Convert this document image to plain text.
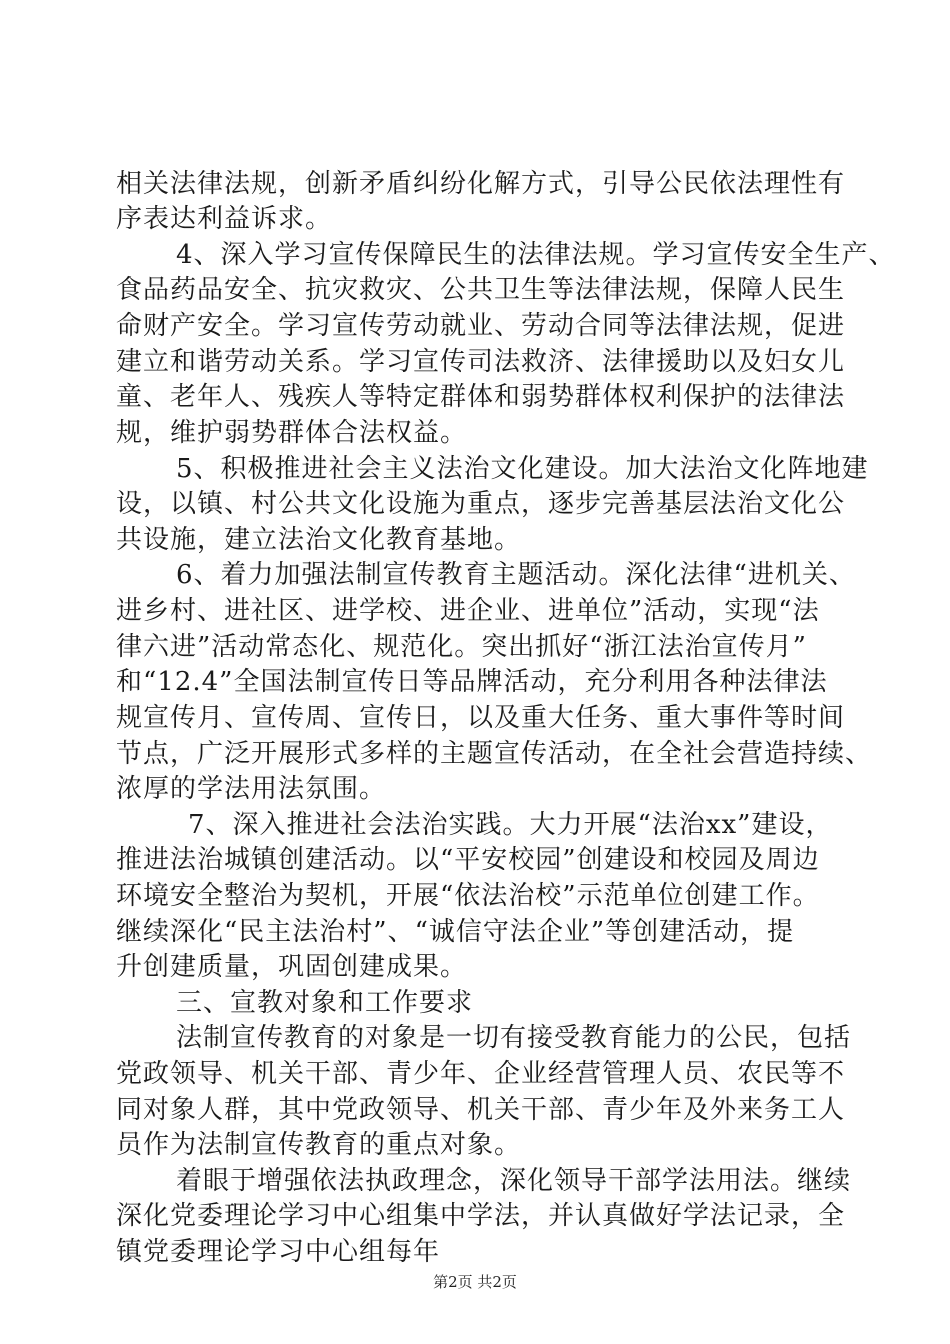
相关法律法规，创新矛盾纠纷化解方式，引导公民依法理性有
序表达利益诉求。
4、深入学习宣传保障民生的法律法规。学习宣传安全生产、
食品药品安全、抗灾救灾、公共卫生等法律法规，保障人民生
命财产安全。学习宣传劳动就业、劳动合同等法律法规，促进
建立和谐劳动关系。学习宣传司法救济、法律援助以及妇女儿
童、老年人、残疾人等特定群体和弱势群体权利保护的法律法
规，维护弱势群体合法权益。
5、积极推进社会主义法治文化建设。加大法治文化阵地建
设，以镇、村公共文化设施为重点，逐步完善基层法治文化公
共设施，建立法治文化教育基地。
6、着力加强法制宣传教育主题活动。深化法律“进机关、
进乡村、进社区、进学校、进企业、进单位”活动，实现“法
律六进”活动常态化、规范化。突出抓好“浙江法治宣传月”
和“12.4”全国法制宣传日等品牌活动，充分利用各种法律法
规宣传月、宣传周、宣传日，以及重大任务、重大事件等时间
节点，广泛开展形式多样的主题宣传活动，在全社会营造持续、
浓厚的学法用法氛围。
7、深入推进社会法治实践。大力开展“法治xx”建设，
推进法治城镇创建活动。以“平安校园”创建设和校园及周边
环境安全整治为契机，开展“依法治校”示范单位创建工作。
继续深化“民主法治村”、“诚信守法企业”等创建活动，提
升创建质量，巩固创建成果。
三、宣教对象和工作要求
法制宣传教育的对象是一切有接受教育能力的公民，包括
党政领导、机关干部、青少年、企业经营管理人员、农民等不
同对象人群，其中党政领导、机关干部、青少年及外来务工人
员作为法制宣传教育的重点对象。
着眼于增强依法执政理念，深化领导干部学法用法。继续
深化党委理论学习中心组集中学法，并认真做好学法记录，全
镇党委理论学习中心组每年
第2页 共2页
